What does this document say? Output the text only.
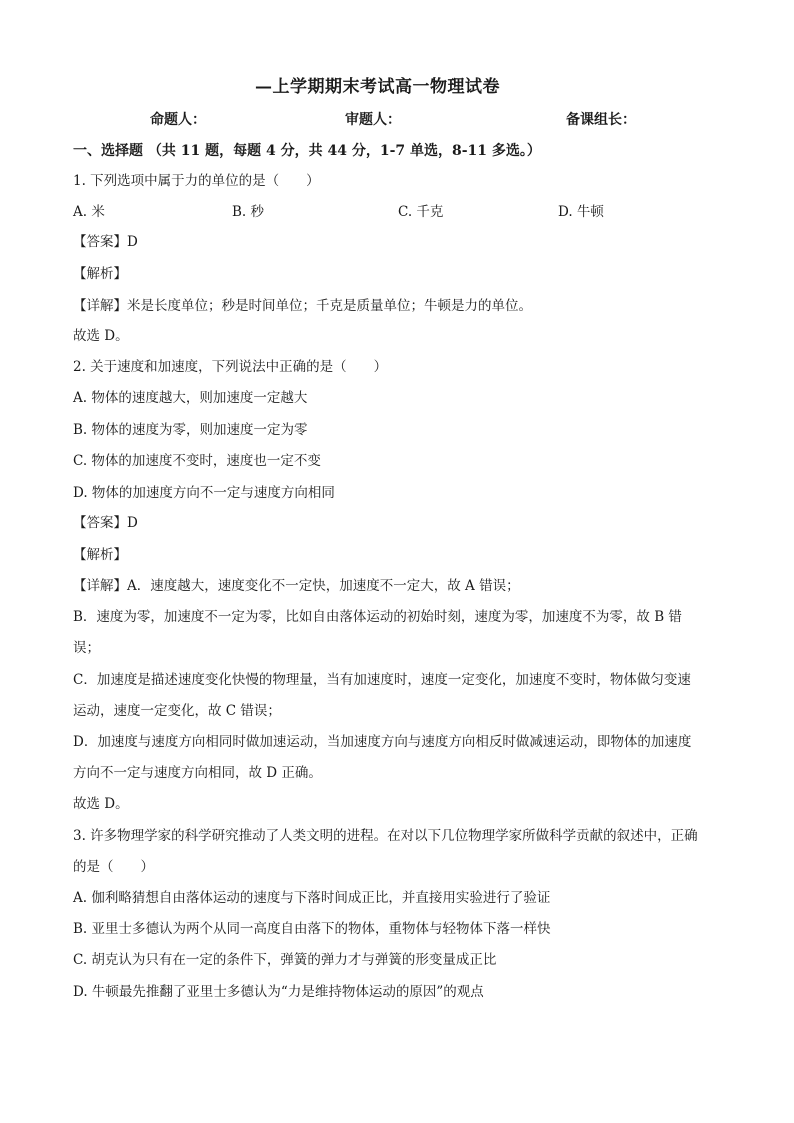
—上学期期末考试高一物理试卷
命题人：	审题人：	备课组长：
一、选择题 （共 11 题，每题 4 分，共 44 分，1-7 单选，8-11 多选。）
1. 下列选项中属于力的单位的是（　　）
A. 米	B. 秒	C. 千克	D. 牛顿
【答案】D
【解析】
【详解】米是长度单位；秒是时间单位；千克是质量单位；牛顿是力的单位。
故选 D。
2. 关于速度和加速度，下列说法中正确的是（　　）
A. 物体的速度越大，则加速度一定越大
B. 物体的速度为零，则加速度一定为零
C. 物体的加速度不变时，速度也一定不变
D. 物体的加速度方向不一定与速度方向相同
【答案】D
【解析】
【详解】A．速度越大，速度变化不一定快，加速度不一定大，故 A 错误；
B．速度为零，加速度不一定为零，比如自由落体运动的初始时刻，速度为零，加速度不为零，故 B 错
误；
C．加速度是描述速度变化快慢的物理量，当有加速度时，速度一定变化，加速度不变时，物体做匀变速
运动，速度一定变化，故 C 错误；
D．加速度与速度方向相同时做加速运动，当加速度方向与速度方向相反时做减速运动，即物体的加速度
方向不一定与速度方向相同，故 D 正确。
故选 D。
3. 许多物理学家的科学研究推动了人类文明的进程。在对以下几位物理学家所做科学贡献的叙述中，正确
的是（　　）
A. 伽利略猜想自由落体运动的速度与下落时间成正比，并直接用实验进行了验证
B. 亚里士多德认为两个从同一高度自由落下的物体，重物体与轻物体下落一样快
C. 胡克认为只有在一定的条件下，弹簧的弹力才与弹簧的形变量成正比
D. 牛顿最先推翻了亚里士多德认为“力是维持物体运动的原因”的观点
